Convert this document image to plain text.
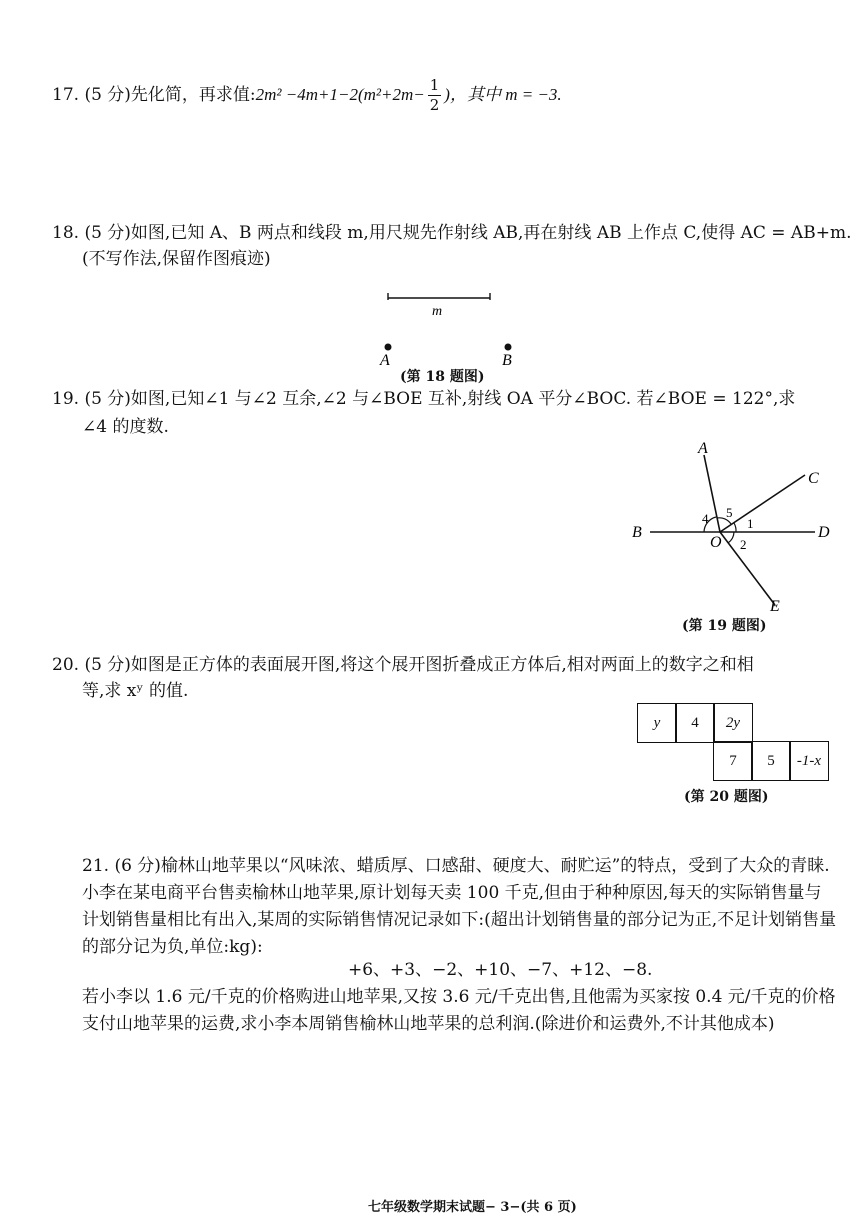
17. (5 分)先化简，再求值:2m² $-4m+1-2(m^2+2m- \frac{1}{2}$ )，其中 m = −3.
18. (5 分)如图,已知 A、B 两点和线段 m,用尺规先作射线 AB,再在射线 AB 上作点 C,使得 AC = AB+m.
(不写作法,保留作图痕迹)
m
A	B
(第 18 题图)
19. (5 分)如图,已知∠1 与∠2 互余,∠2 与∠BOE 互补,射线 OA 平分∠BOC. 若∠BOE = 122°,求
∠4 的度数.
A
B
C
D
E
O
1
2
4 5
(第 19 题图)
20. (5 分)如图是正方体的表面展开图,将这个展开图折叠成正方体后,相对两面上的数字之和相
等,求 xʸ 的值.
y 4 2y
7 5 -1-x
(第 20 题图)
21. (6 分)榆林山地苹果以“风味浓、蜡质厚、口感甜、硬度大、耐贮运”的特点，受到了大众的青睐.小李在某电商平台售卖榆林山地苹果,原计划每天卖 100 千克,但由于种种原因,每天的实际销售量与计划销售量相比有出入,某周的实际销售情况记录如下:(超出计划销售量的部分记为正,不足计划销售量的部分记为负,单位:kg):
+6、+3、−2、+10、−7、+12、−8.
若小李以 1.6 元/千克的价格购进山地苹果,又按 3.6 元/千克出售,且他需为买家按 0.4 元/千克的价格支付山地苹果的运费,求小李本周销售榆林山地苹果的总利润.(除进价和运费外,不计其他成本)
七年级数学期末试题− 3−(共 6 页)
